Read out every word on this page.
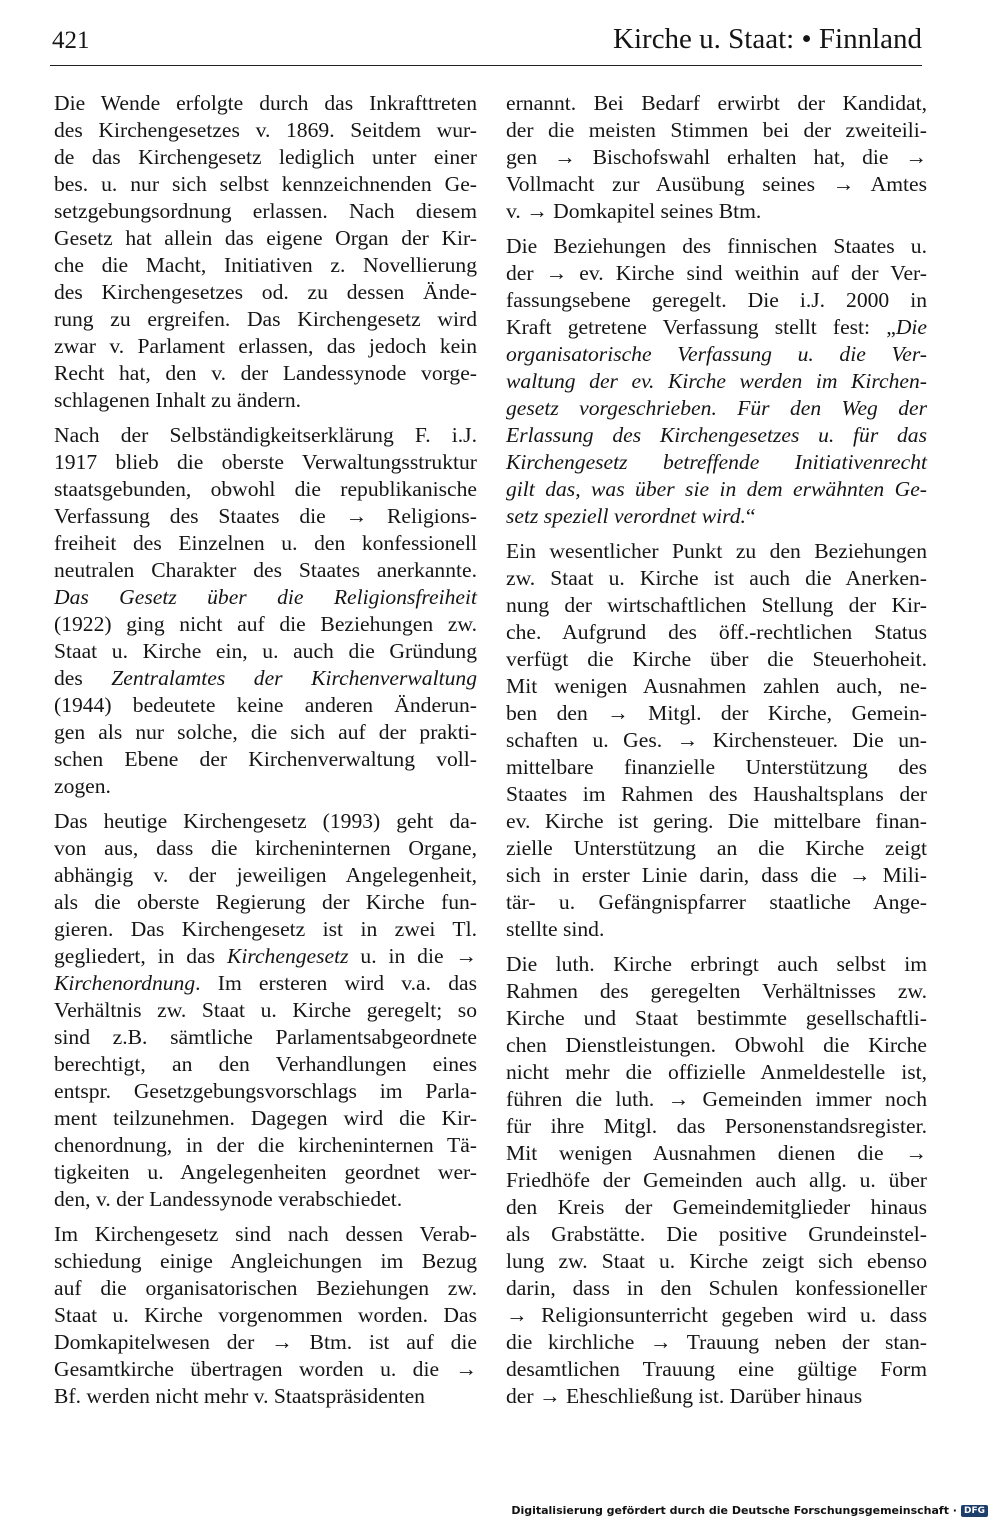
421	Kirche u. Staat: • Finnland
Die Wende erfolgte durch das Inkrafttreten
des Kirchengesetzes v. 1869. Seitdem wur-
de das Kirchengesetz lediglich unter einer
bes. u. nur sich selbst kennzeichnenden Ge-
setzgebungsordnung erlassen. Nach diesem
Gesetz hat allein das eigene Organ der Kir-
che die Macht, Initiativen z. Novellierung
des Kirchengesetzes od. zu dessen Ände-
rung zu ergreifen. Das Kirchengesetz wird
zwar v. Parlament erlassen, das jedoch kein
Recht hat, den v. der Landessynode vorge-
schlagenen Inhalt zu ändern.
Nach der Selbständigkeitserklärung F. i.J.
1917 blieb die oberste Verwaltungsstruktur
staatsgebunden, obwohl die republikanische
Verfassung des Staates die → Religions-
freiheit des Einzelnen u. den konfessionell
neutralen Charakter des Staates anerkannte.
Das Gesetz über die Religionsfreiheit
(1922) ging nicht auf die Beziehungen zw.
Staat u. Kirche ein, u. auch die Gründung
des Zentralamtes der Kirchenverwaltung
(1944) bedeutete keine anderen Änderun-
gen als nur solche, die sich auf der prakti-
schen Ebene der Kirchenverwaltung voll-
zogen.
Das heutige Kirchengesetz (1993) geht da-
von aus, dass die kircheninternen Organe,
abhängig v. der jeweiligen Angelegenheit,
als die oberste Regierung der Kirche fun-
gieren. Das Kirchengesetz ist in zwei Tl.
gegliedert, in das Kirchengesetz u. in die →
Kirchenordnung. Im ersteren wird v.a. das
Verhältnis zw. Staat u. Kirche geregelt; so
sind z.B. sämtliche Parlamentsabgeordnete
berechtigt, an den Verhandlungen eines
entspr. Gesetzgebungsvorschlags im Parla-
ment teilzunehmen. Dagegen wird die Kir-
chenordnung, in der die kircheninternen Tä-
tigkeiten u. Angelegenheiten geordnet wer-
den, v. der Landessynode verabschiedet.
Im Kirchengesetz sind nach dessen Verab-
schiedung einige Angleichungen im Bezug
auf die organisatorischen Beziehungen zw.
Staat u. Kirche vorgenommen worden. Das
Domkapitelwesen der → Btm. ist auf die
Gesamtkirche übertragen worden u. die →
Bf. werden nicht mehr v. Staatspräsidenten
ernannt. Bei Bedarf erwirbt der Kandidat,
der die meisten Stimmen bei der zweiteili-
gen → Bischofswahl erhalten hat, die →
Vollmacht zur Ausübung seines → Amtes
v. → Domkapitel seines Btm.
Die Beziehungen des finnischen Staates u.
der → ev. Kirche sind weithin auf der Ver-
fassungsebene geregelt. Die i.J. 2000 in
Kraft getretene Verfassung stellt fest: „Die
organisatorische Verfassung u. die Ver-
waltung der ev. Kirche werden im Kirchen-
gesetz vorgeschrieben. Für den Weg der
Erlassung des Kirchengesetzes u. für das
Kirchengesetz betreffende Initiativenrecht
gilt das, was über sie in dem erwähnten Ge-
setz speziell verordnet wird.“
Ein wesentlicher Punkt zu den Beziehungen
zw. Staat u. Kirche ist auch die Anerken-
nung der wirtschaftlichen Stellung der Kir-
che. Aufgrund des öff.-rechtlichen Status
verfügt die Kirche über die Steuerhoheit.
Mit wenigen Ausnahmen zahlen auch, ne-
ben den → Mitgl. der Kirche, Gemein-
schaften u. Ges. → Kirchensteuer. Die un-
mittelbare finanzielle Unterstützung des
Staates im Rahmen des Haushaltsplans der
ev. Kirche ist gering. Die mittelbare finan-
zielle Unterstützung an die Kirche zeigt
sich in erster Linie darin, dass die → Mili-
tär- u. Gefängnispfarrer staatliche Ange-
stellte sind.
Die luth. Kirche erbringt auch selbst im
Rahmen des geregelten Verhältnisses zw.
Kirche und Staat bestimmte gesellschaftli-
chen Dienstleistungen. Obwohl die Kirche
nicht mehr die offizielle Anmeldestelle ist,
führen die luth. → Gemeinden immer noch
für ihre Mitgl. das Personenstandsregister.
Mit wenigen Ausnahmen dienen die →
Friedhöfe der Gemeinden auch allg. u. über
den Kreis der Gemeindemitglieder hinaus
als Grabstätte. Die positive Grundeinstel-
lung zw. Staat u. Kirche zeigt sich ebenso
darin, dass in den Schulen konfessioneller
→ Religionsunterricht gegeben wird u. dass
die kirchliche → Trauung neben der stan-
desamtlichen Trauung eine gültige Form
der → Eheschließung ist. Darüber hinaus
Digitalisierung gefördert durch die Deutsche Forschungsgemeinschaft · DFG
